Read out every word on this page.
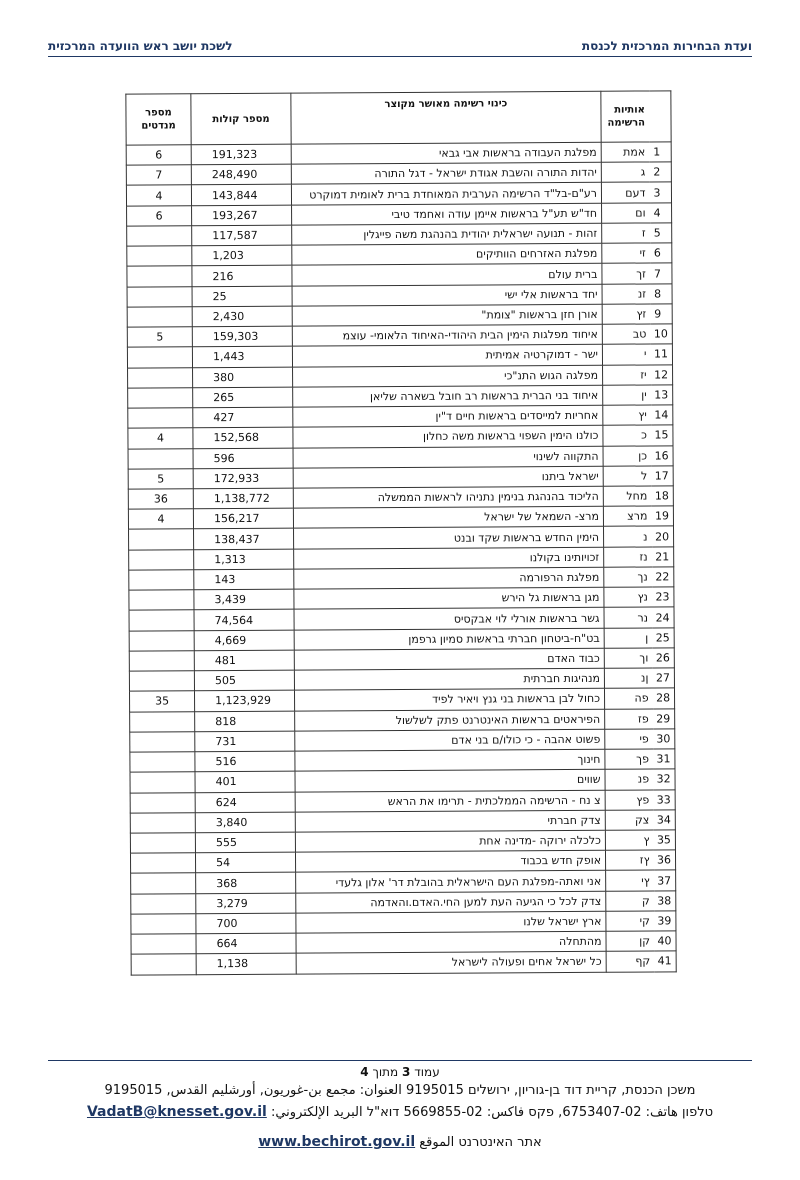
ועדת הבחירות המרכזית לכנסת
לשכת יושב ראש הוועדה המרכזית
	אותיות הרשימה	כינוי רשימה מאושר מקוצר	מספר קולות	מספר מנדטים
1	אמת	מפלגת העבודה בראשות אבי גבאי	191,323	6
2	ג	יהדות התורה והשבת אגודת ישראל - דגל התורה	248,490	7
3	דעם	רע"ם-בל"ד הרשימה הערבית המאוחדת ברית לאומית דמוקרט	143,844	4
4	ום	חד"ש תע"ל בראשות איימן עודה ואחמד טיבי	193,267	6
5	ז	זהות - תנועה ישראלית יהודית בהנהגת משה פייגלין	117,587	
6	זי	מפלגת האזרחים הוותיקים	1,203	
7	זך	ברית עולם	216	
8	זנ	יחד בראשות אלי ישי	25	
9	זץ	אורן חזן בראשות "צומת"	2,430	
10	טב	איחוד מפלגות הימין הבית היהודי-האיחוד הלאומי- עוצמ	159,303	5
11	י	ישר - דמוקרטיה אמיתית	1,443	
12	יז	מפלגה הגוש התנ"כי	380	
13	ין	איחוד בני הברית בראשות רב חובל בשארה שליאן	265	
14	יץ	אחריות למייסדים בראשות חיים ד"ין	427	
15	כ	כולנו הימין השפוי בראשות משה כחלון	152,568	4
16	כן	התקווה לשינוי	596	
17	ל	ישראל ביתנו	172,933	5
18	מחל	הליכוד בהנהגת בנימין נתניהו לראשות הממשלה	1,138,772	36
19	מרצ	מרצ- השמאל של ישראל	156,217	4
20	נ	הימין החדש בראשות שקד ובנט	138,437	
21	נז	זכויותינו בקולנו	1,313	
22	נך	מפלגת הרפורמה	143	
23	נץ	מגן בראשות גל הירש	3,439	
24	נר	גשר בראשות אורלי לוי אבקסיס	74,564	
25	ן	בט"ח-ביטחון חברתי בראשות סמיון גרפמן	4,669	
26	וך	כבוד האדם	481	
27	ןנ	מנהיגות חברתית	505	
28	פה	כחול לבן בראשות בני גנץ ויאיר לפיד	1,123,929	35
29	פז	הפיראטים בראשות האינטרנט פתק לשלשול	818	
30	פי	פשוט אהבה - כי כולו/ם בני אדם	731	
31	פך	חינוך	516	
32	פנ	שווים	401	
33	פץ	צ נח - הרשימה הממלכתית - תרימו את הראש	624	
34	צק	צדק חברתי	3,840	
35	ץ	כלכלה ירוקה -מדינה אחת	555	
36	ץז	אופק חדש בכבוד	54	
37	ץי	אני ואתה-מפלגת העם הישראלית בהובלת דר' אלון גלעדי	368	
38	ק	צדק לכל כי הגיעה העת למען החי.האדם.והאדמה	3,279	
39	קי	ארץ ישראל שלנו	700	
40	קן	מהתחלה	664	
41	קף	כל ישראל אחים ופעולה לישראל	1,138	
עמוד 3 מתוך 4
משכן הכנסת, קריית דוד בן-גוריון, ירושלים 9195015 العنوان: مجمع بن-غوريون, أورشليم القدس, 9195015
טלפון هاتف: 02-6753407, פקס فاكس: 02-5669855 דוא"ל البريد الإلكتروني: VadatB@knesset.gov.il
אתר האינטרנט الموقع www.bechirot.gov.il
